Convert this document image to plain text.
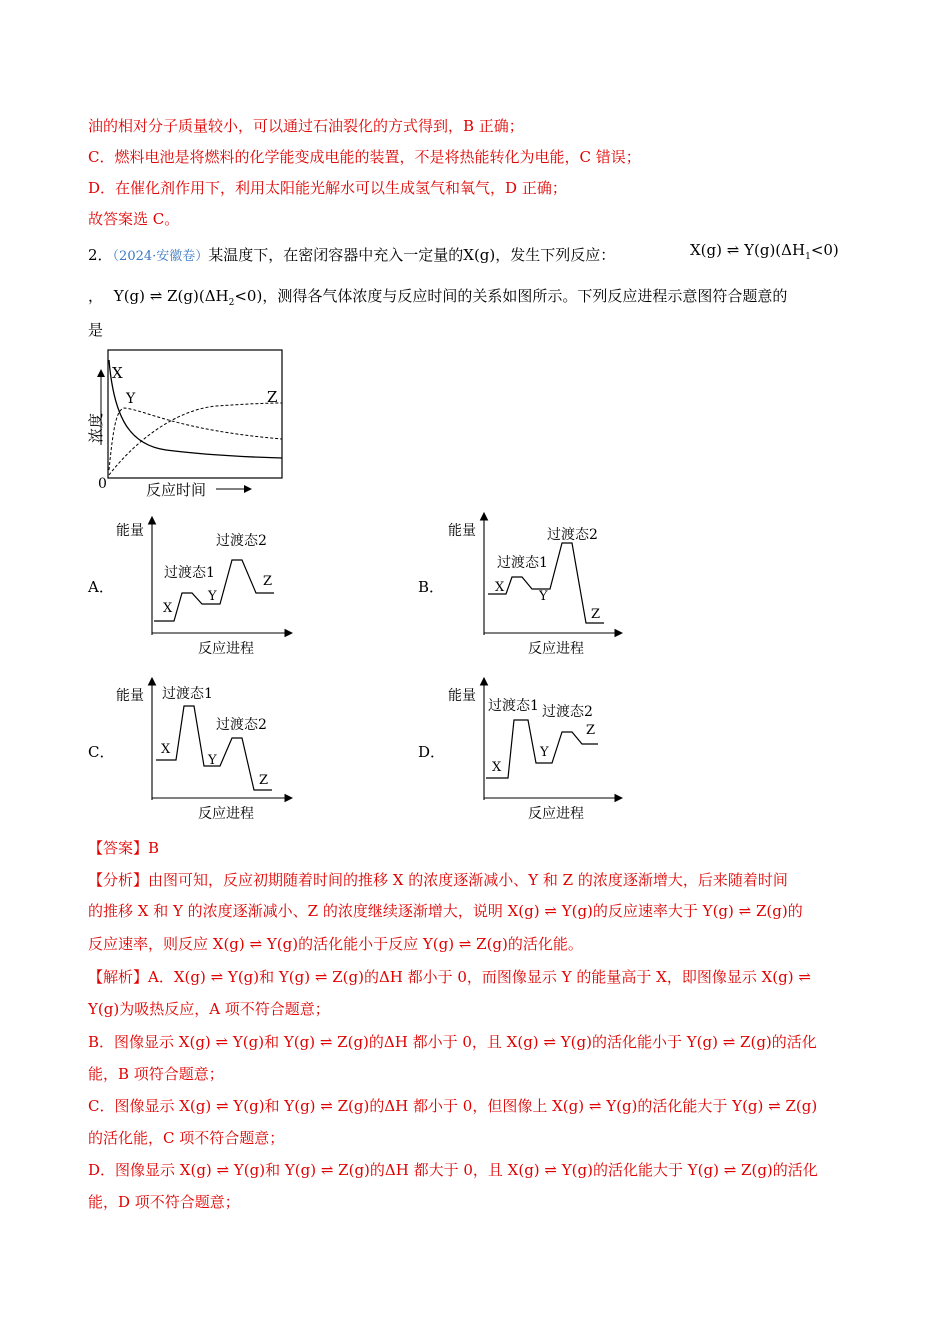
油的相对分子质量较小，可以通过石油裂化的方式得到，B 正确；
C．燃料电池是将燃料的化学能变成电能的装置，不是将热能转化为电能，C 错误；
D．在催化剂作用下，利用太阳能光解水可以生成氢气和氧气，D 正确；
故答案选 C。
2．（2024·安徽卷）某温度下，在密闭容器中充入一定量的X(g)，发生下列反应：	X(g) ⇌ $Y(g)(\Delta H_1<0)$
， Y(g) ⇌ $Z(g)(\Delta H_2<0)$，测得各气体浓度与反应时间的关系如图所示。下列反应进程示意图符合题意的
是
浓度
反应时间
0
X
Y	Z
A．
能量
反应进程
过渡态1
过渡态2
X
Y
Z	B．
能量
反应进程
过渡态1
过渡态2
X
Y
Z
C．
能量
反应进程
过渡态1
过渡态2
X
Y
Z
D．
能量
反应进程
过渡态1 过渡态2
X
Y
Z
【答案】B
【分析】由图可知，反应初期随着时间的推移 X 的浓度逐渐减小、Y 和 Z 的浓度逐渐增大，后来随着时间
的推移 X 和 Y 的浓度逐渐减小、Z 的浓度继续逐渐增大，说明 X(g) ⇌ Y(g)的反应速率大于 Y(g) ⇌ Z(g)的
反应速率，则反应 X(g) ⇌ Y(g)的活化能小于反应 Y(g) ⇌ Z(g)的活化能。
【解析】A．X(g) ⇌ Y(g)和 Y(g) ⇌ Z(g)的ΔH 都小于 0，而图像显示 Y 的能量高于 X，即图像显示 X(g) ⇌
Y(g)为吸热反应，A 项不符合题意；
B．图像显示 X(g) ⇌ Y(g)和 Y(g) ⇌ Z(g)的ΔH 都小于 0，且 X(g) ⇌ Y(g)的活化能小于 Y(g) ⇌ Z(g)的活化
能，B 项符合题意；
C．图像显示 X(g) ⇌ Y(g)和 Y(g) ⇌ Z(g)的ΔH 都小于 0，但图像上 X(g) ⇌ Y(g)的活化能大于 Y(g) ⇌ Z(g)
的活化能，C 项不符合题意；
D．图像显示 X(g) ⇌ Y(g)和 Y(g) ⇌ Z(g)的ΔH 都大于 0，且 X(g) ⇌ Y(g)的活化能大于 Y(g) ⇌ Z(g)的活化
能，D 项不符合题意；
